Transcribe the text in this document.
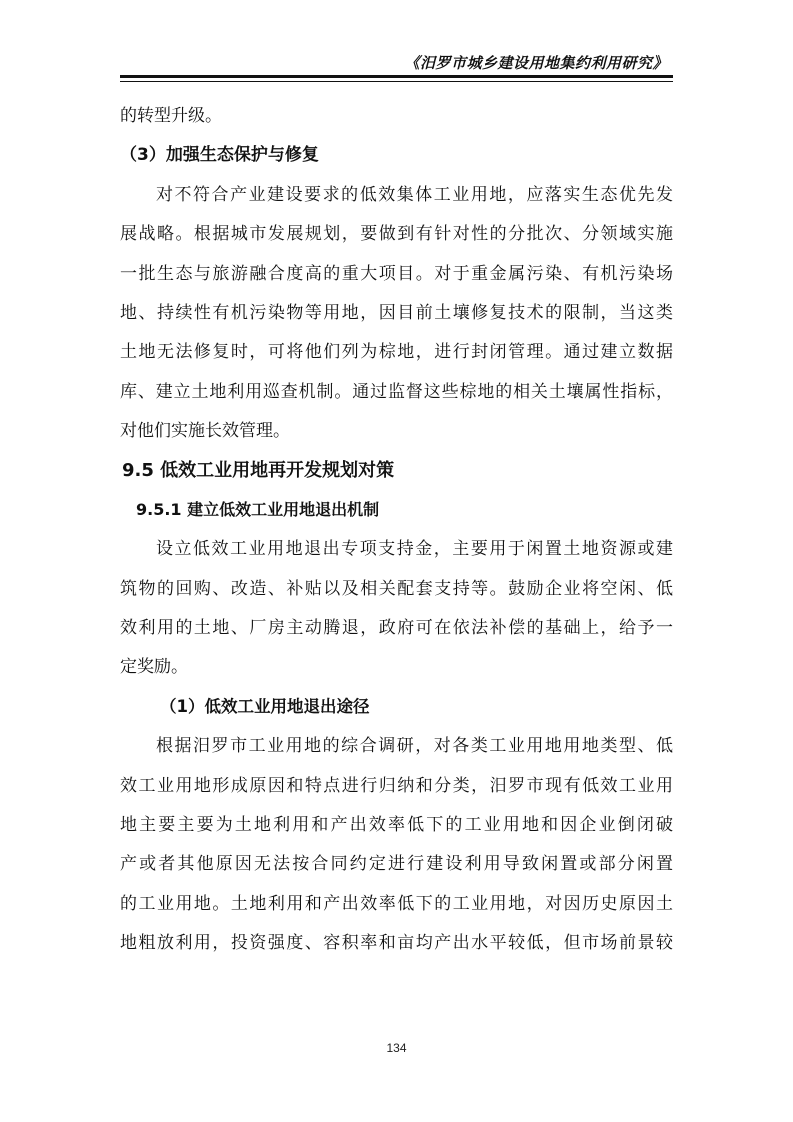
《汨罗市城乡建设用地集约利用研究》
的转型升级。
（3）加强生态保护与修复
对不符合产业建设要求的低效集体工业用地，应落实生态优先发
展战略。根据城市发展规划，要做到有针对性的分批次、分领域实施
一批生态与旅游融合度高的重大项目。对于重金属污染、有机污染场
地、持续性有机污染物等用地，因目前土壤修复技术的限制，当这类
土地无法修复时，可将他们列为棕地，进行封闭管理。通过建立数据
库、建立土地利用巡查机制。通过监督这些棕地的相关土壤属性指标，
对他们实施长效管理。
9.5 低效工业用地再开发规划对策
9.5.1 建立低效工业用地退出机制
设立低效工业用地退出专项支持金，主要用于闲置土地资源或建
筑物的回购、改造、补贴以及相关配套支持等。鼓励企业将空闲、低
效利用的土地、厂房主动腾退，政府可在依法补偿的基础上，给予一
定奖励。
（1）低效工业用地退出途径
根据汨罗市工业用地的综合调研，对各类工业用地用地类型、低
效工业用地形成原因和特点进行归纳和分类，汨罗市现有低效工业用
地主要主要为土地利用和产出效率低下的工业用地和因企业倒闭破
产或者其他原因无法按合同约定进行建设利用导致闲置或部分闲置
的工业用地。土地利用和产出效率低下的工业用地，对因历史原因土
地粗放利用，投资强度、容积率和亩均产出水平较低，但市场前景较
134
